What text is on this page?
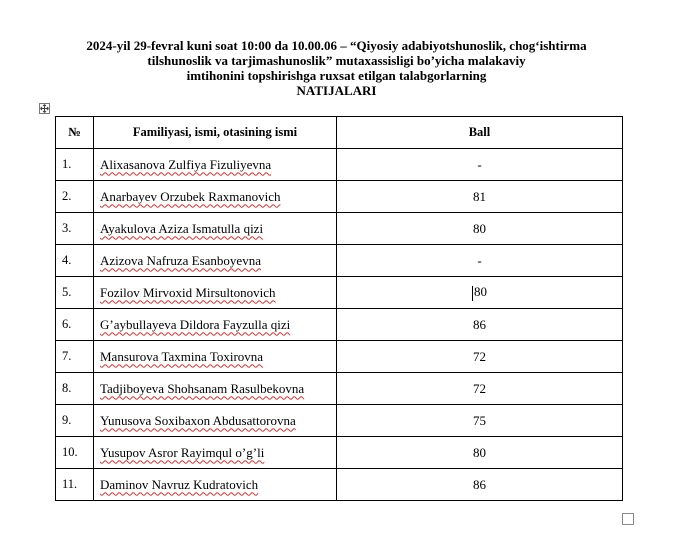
2024-yil 29-fevral kuni soat 10:00 da 10.00.06 – “Qiyosiy adabiyotshunoslik, chog‘ishtirma
tilshunoslik va tarjimashunoslik” mutaxassisligi bo’yicha malakaviy
imtihonini topshirishga ruxsat etilgan talabgorlarning
NATIJALARI
№	Familiyasi, ismi, otasining ismi	Ball
1.	Alixasanova Zulfiya Fizuliyevna	-
2.	Anarbayev Orzubek Raxmanovich	81
3.	Ayakulova Aziza Ismatulla qizi	80
4.	Azizova Nafruza Esanboyevna	-
5.	Fozilov Mirvoxid Mirsultonovich	80
6.	G’aybullayeva Dildora Fayzulla qizi	86
7.	Mansurova Taxmina Toxirovna	72
8.	Tadjiboyeva Shohsanam Rasulbekovna	72
9.	Yunusova Soxibaxon Abdusattorovna	75
10.	Yusupov Asror Rayimqul o’g’li	80
11.	Daminov Navruz Kudratovich	86
